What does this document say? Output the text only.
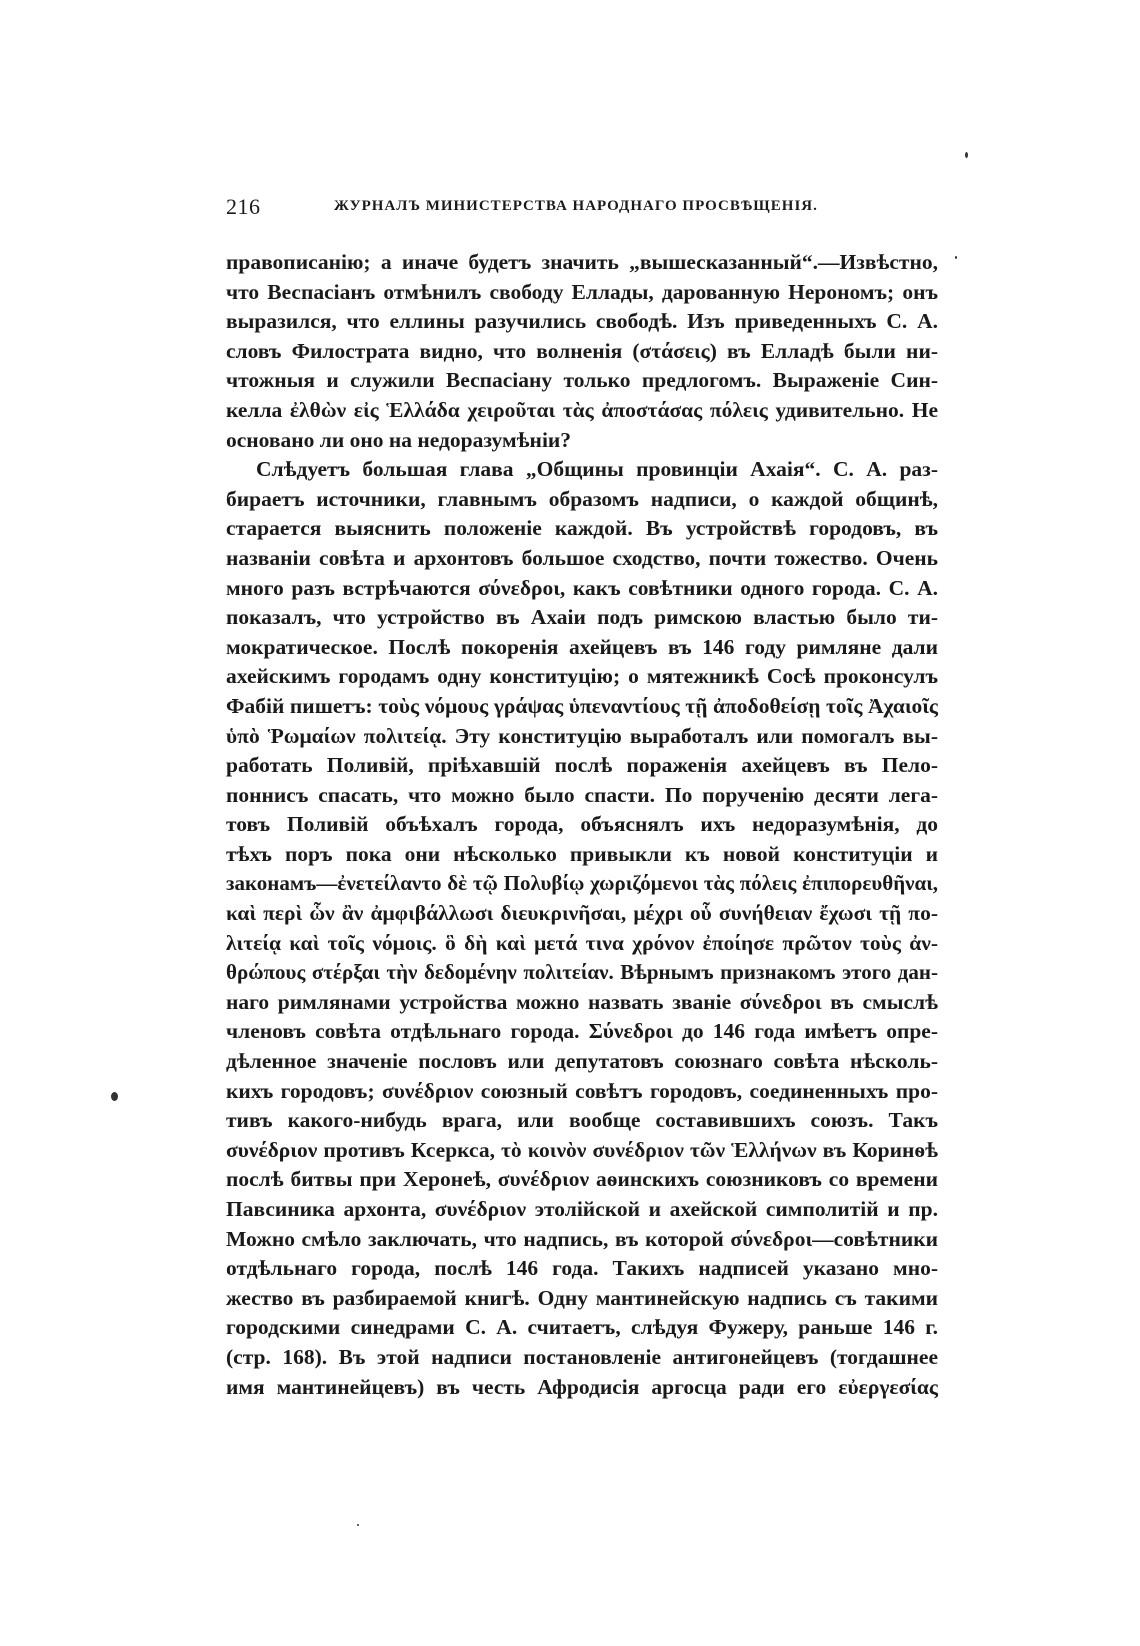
216	ЖУРНАЛЪ МИНИСТЕРСТВА НАРОДНАГО ПРОСВѢЩЕНІЯ.
правописанію; а иначе будетъ значить „вышесказанный“.—Извѣстно,
что Веспасіанъ отмѣнилъ свободу Еллады, дарованную Нерономъ; онъ
выразился, что еллины разучились свободѣ. Изъ приведенныхъ С. А.
словъ Филострата видно, что волненія (στάσεις) въ Елладѣ были ни-
чтожныя и служили Веспасіану только предлогомъ. Выраженіе Син-
келла ἐλθὼν εἰς Ἑλλάδα χειροῦται τὰς ἀποστάσας πόλεις удивительно. Не
основано ли оно на недоразумѣніи?
Слѣдуетъ большая глава „Общины провинціи Ахаія“. С. А. раз-
бираетъ источники, главнымъ образомъ надписи, о каждой общинѣ,
старается выяснить положеніе каждой. Въ устройствѣ городовъ, въ
названіи совѣта и архонтовъ большое сходство, почти тожество. Очень
много разъ встрѣчаются σύνεδροι, какъ совѣтники одного города. С. А.
показалъ, что устройство въ Ахаіи подъ римскою властью было ти-
мократическое. Послѣ покоренія ахейцевъ въ 146 году римляне дали
ахейскимъ городамъ одну конституцію; о мятежникѣ Сосѣ проконсулъ
Фабій пишетъ: τοὺς νόμους γράψας ὑπεναντίους τῇ ἀποδοθείσῃ τοῖς Ἀχαιοῖς
ὑπὸ Ῥωμαίων πολιτείᾳ. Эту конституцію выработалъ или помогалъ вы-
работать Поливій, пріѣхавшій послѣ пораженія ахейцевъ въ Пело-
поннисъ спасать, что можно было спасти. По порученію десяти лега-
товъ Поливій объѣхалъ города, объяснялъ ихъ недоразумѣнія, до
тѣхъ поръ пока они нѣсколько привыкли къ новой конституціи и
законамъ—ἐνετείλαντο δὲ τῷ Πολυβίῳ χωριζόμενοι τὰς πόλεις ἐπιπορευθῆναι,
καὶ περὶ ὧν ἂν ἀμφιβάλλωσι διευκρινῆσαι, μέχρι οὗ συνήθειαν ἔχωσι τῇ πο-
λιτείᾳ καὶ τοῖς νόμοις. ὃ δὴ καὶ μετά τινα χρόνον ἐποίησε πρῶτον τοὺς ἀν-
θρώπους στέρξαι τὴν δεδομένην πολιτείαν. Вѣрнымъ признакомъ этого дан-
наго римлянами устройства можно назвать званіе σύνεδροι въ смыслѣ
членовъ совѣта отдѣльнаго города. Σύνεδροι до 146 года имѣетъ опре-
дѣленное значеніе пословъ или депутатовъ союзнаго совѣта нѣсколь-
кихъ городовъ; συνέδριον союзный совѣтъ городовъ, соединенныхъ про-
тивъ какого-нибудь врага, или вообще составившихъ союзъ. Такъ
συνέδριον противъ Ксеркса, τὸ κοινὸν συνέδριον τῶν Ἑλλήνων въ Коринѳѣ
послѣ битвы при Херонеѣ, συνέδριον аѳинскихъ союзниковъ со времени
Павсиника архонта, συνέδριον этолійской и ахейской симполитій и пр.
Можно смѣло заключать, что надпись, въ которой σύνεδροι—совѣтники
отдѣльнаго города, послѣ 146 года. Такихъ надписей указано мно-
жество въ разбираемой книгѣ. Одну мантинейскую надпись съ такими
городскими синедрами С. А. считаетъ, слѣдуя Фужеру, раньше 146 г.
(стр. 168). Въ этой надписи постановленіе антигонейцевъ (тогдашнее
имя мантинейцевъ) въ честь Афродисія аргосца ради его εὐεργεσίας
